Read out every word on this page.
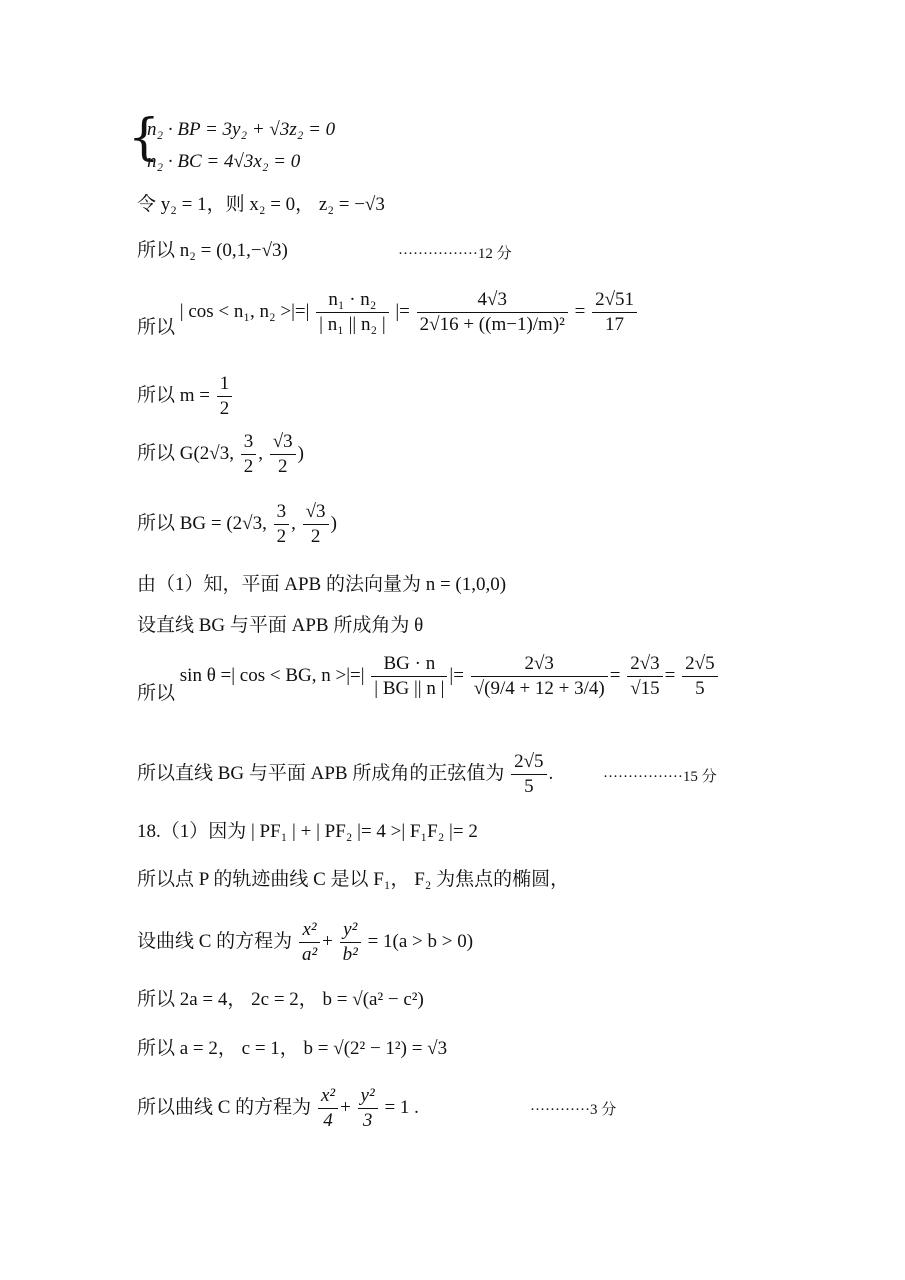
{
n₂ · BP = 3y₂ + √3z₂ = 0
n₂ · BC = 4√3x₂ = 0
令 y₂ = 1，则 x₂ = 0， z₂ = −√3
所以 n₂ = (0,1,−√3)	················12 分
所以 | cos < n₁, n₂ >|=| $\frac{\text{n₁ · n₂}}{\text{| n₁ || n₂ |}}$ |= $\frac{4√3}{\text{2√16 + ((m−1)/m)²}} = \frac{2√51}{17}$
所以 $m = \frac{1}{2}$
所以 G(2√3, $\frac{3}{2}$ , $\frac{√3}{2}$ )
所以 BG = (2√3, $\frac{3}{2}$ , $\frac{√3}{2}$ )
由（1）知，平面 APB 的法向量为 n = (1,0,0)
设直线 BG 与平面 APB 所成角为 θ
所以 sin θ =| cos < BG, n >|=| $\frac{BG \cdot n}{| BG || n |}$ |= $\frac{2√3}{√(9/4 + 12 + 3/4)} = \frac{2√3}{√15} = \frac{2√5}{5}$
所以直线 BG 与平面 APB 所成角的正弦值为 $\frac{2√5}{5}$ .	················15 分
18.（1）因为 | PF₁ | + | PF₂ |= 4 >| F₁F₂ |= 2
所以点 P 的轨迹曲线 C 是以 F₁， F₂ 为焦点的椭圆，
设曲线 C 的方程为 $\frac{\text{x²}}{\text{a²}} + \frac{\text{y²}}{\text{b²}} = 1(a > b > 0)$
所以 2a = 4， 2c = 2， b = √(a² − c²)
所以 a = 2， c = 1， b = √(2² − 1²) = √3
所以曲线 C 的方程为 $\frac{\text{x²}}{4} + \frac{\text{y²}}{3} = 1$ .	············3 分
